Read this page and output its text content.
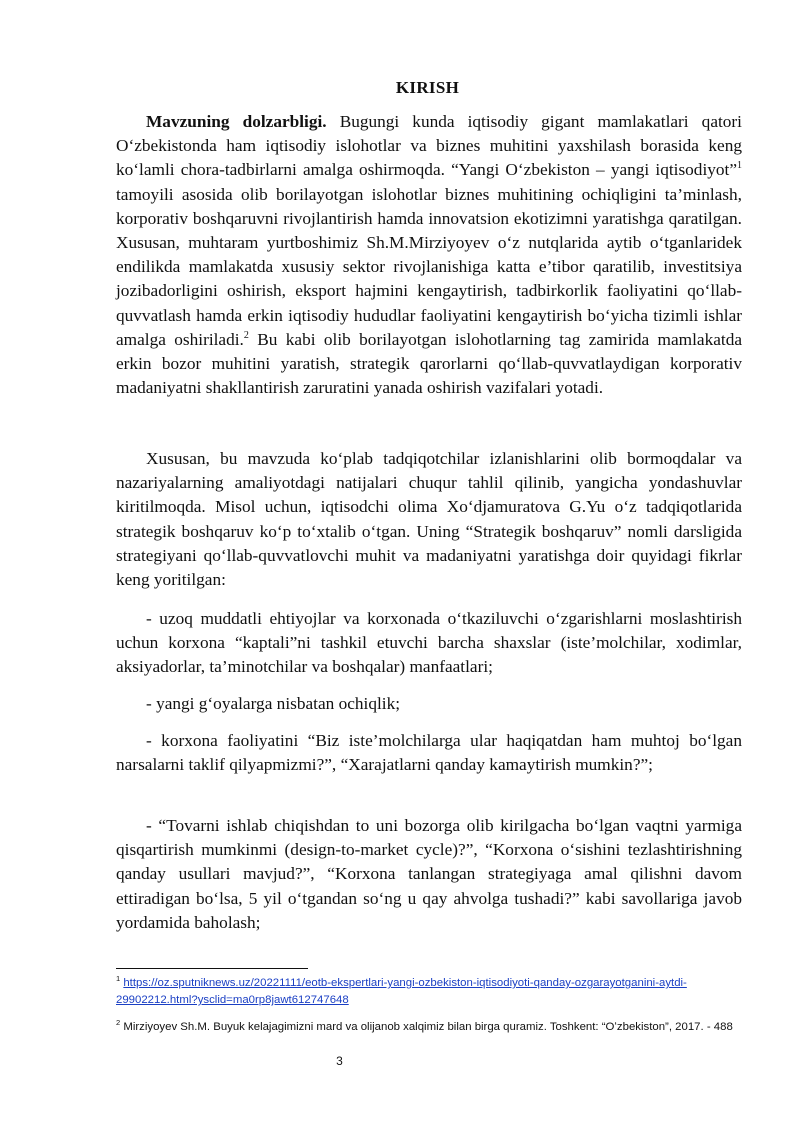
KIRISH

Mavzuning dolzarbligi. Bugungi kunda iqtisodiy gigant mamlakatlari qatori Oʻzbekistonda ham iqtisodiy islohotlar va biznes muhitini yaxshilash borasida keng koʻlamli chora-tadbirlarni amalga oshirmoqda. “Yangi Oʻzbekiston – yangi iqtisodiyot”$^1$ tamoyili asosida olib borilayotgan islohotlar biznes muhitining ochiqligini ta’minlash, korporativ boshqaruvni rivojlantirish hamda innovatsion ekotizimni yaratishga qaratilgan. Xususan, muhtaram yurtboshimiz Sh.M.Mirziyoyev oʻz nutqlarida aytib oʻtganlaridek endilikda mamlakatda xususiy sektor rivojlanishiga katta e’tibor qaratilib, investitsiya jozibadorligini oshirish, eksport hajmini kengaytirish, tadbirkorlik faoliyatini qoʻllab-quvvatlash hamda erkin iqtisodiy hududlar faoliyatini kengaytirish boʻyicha tizimli ishlar amalga oshiriladi.$^2$ Bu kabi olib borilayotgan islohotlarning tag zamirida mamlakatda erkin bozor muhitini yaratish, strategik qarorlarni qoʻllab-quvvatlaydigan korporativ madaniyatni shakllantirish zaruratini yanada oshirish vazifalari yotadi.

Xususan, bu mavzuda koʻplab tadqiqotchilar izlanishlarini olib bormoqdalar va nazariyalarning amaliyotdagi natijalari chuqur tahlil qilinib, yangicha yondashuvlar kiritilmoqda. Misol uchun, iqtisodchi olima Xoʻdjamuratova G.Yu oʻz tadqiqotlarida strategik boshqaruv koʻp toʻxtalib oʻtgan. Uning “Strategik boshqaruv” nomli darsligida strategiyani qoʻllab-quvvatlovchi muhit va madaniyatni yaratishga doir quyidagi fikrlar keng yoritilgan:

- uzoq muddatli ehtiyojlar va korxonada oʻtkaziluvchi oʻzgarishlarni moslashtirish uchun korxona “kaptali”ni tashkil etuvchi barcha shaxslar (iste’molchilar, xodimlar, aksiyadorlar, ta’minotchilar va boshqalar) manfaatlari;

- yangi gʻoyalarga nisbatan ochiqlik;

- korxona faoliyatini “Biz iste’molchilarga ular haqiqatdan ham muhtoj boʻlgan narsalarni taklif qilyapmizmi?”, “Xarajatlarni qanday kamaytirish mumkin?”;

- “Tovarni ishlab chiqishdan to uni bozorga olib kirilgacha boʻlgan vaqtni yarmiga qisqartirish mumkinmi (design-to-market cycle)?”, “Korxona oʻsishini tezlashtirishning qanday usullari mavjud?”, “Korxona tanlangan strategiyaga amal qilishni davom ettiradigan boʻlsa, 5 yil oʻtgandan soʻng u qay ahvolga tushadi?” kabi savollariga javob yordamida baholash;

$^1$ https://oz.sputniknews.uz/20221111/eotb-ekspertlari-yangi-ozbekiston-iqtisodiyoti-qanday-ozgarayotganini-aytdi-29902212.html?ysclid=ma0rp8jawt612747648

$^2$ Mirziyoyev Sh.M. Buyuk kelajagimizni mard va olijanob xalqimiz bilan birga quramiz. Toshkent: “Oʻzbekiston”, 2017. - 488

3
